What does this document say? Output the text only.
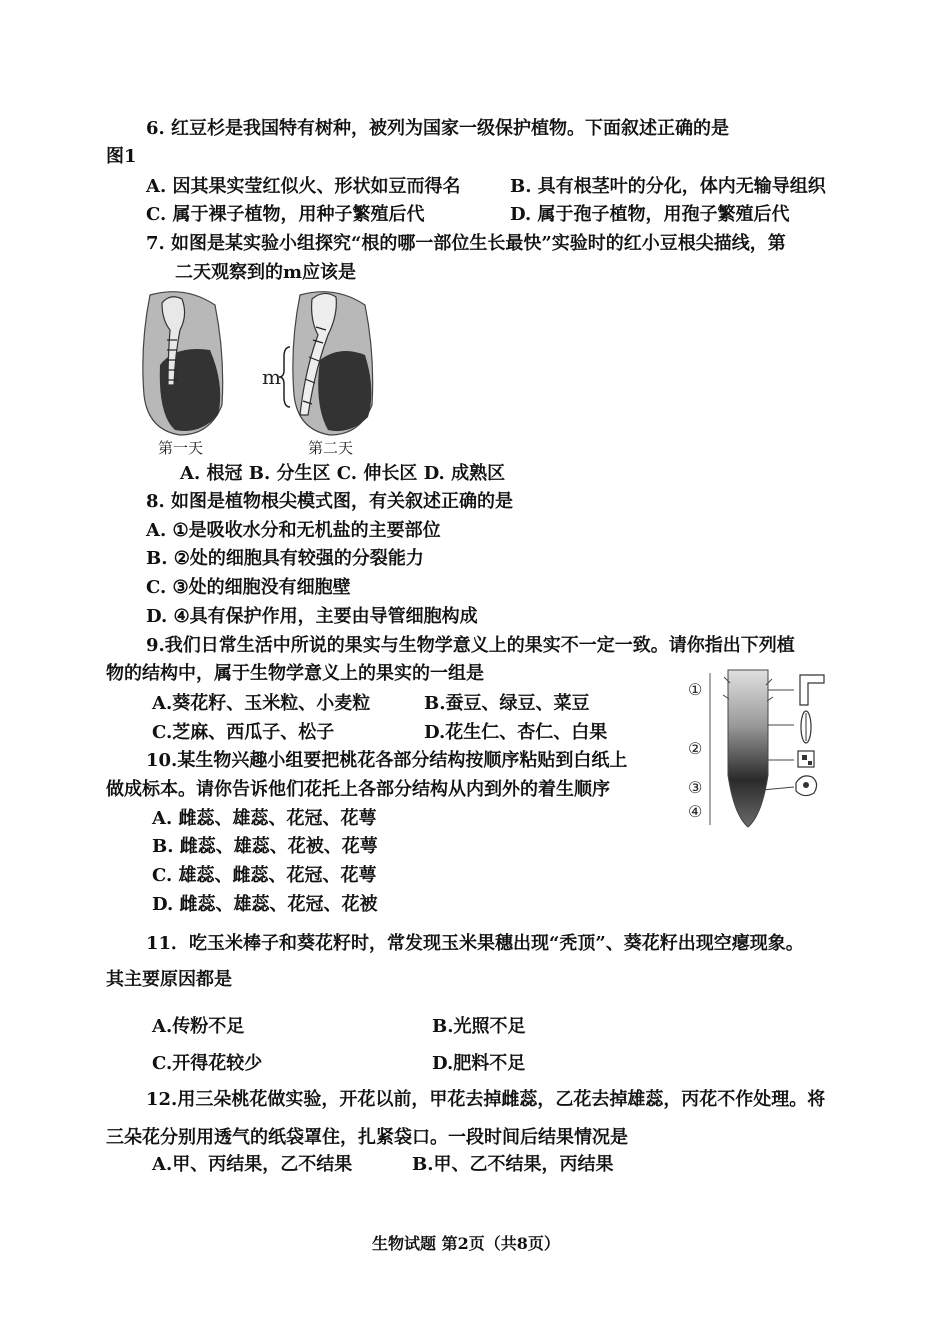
6. 红豆杉是我国特有树种，被列为国家一级保护植物。下面叙述正确的是
图1
A. 因其果实莹红似火、形状如豆而得名	B. 具有根茎叶的分化，体内无输导组织
C. 属于裸子植物，用种子繁殖后代	D. 属于孢子植物，用孢子繁殖后代
7. 如图是某实验小组探究“根的哪一部位生长最快”实验时的红小豆根尖描线，第
二天观察到的m应该是
m
第一天	第二天
A. 根冠 B. 分生区 C. 伸长区 D. 成熟区
8. 如图是植物根尖模式图，有关叙述正确的是
A. ①是吸收水分和无机盐的主要部位
B. ②处的细胞具有较强的分裂能力
C. ③处的细胞没有细胞壁
D. ④具有保护作用，主要由导管细胞构成
9.我们日常生活中所说的果实与生物学意义上的果实不一定一致。请你指出下列植
物的结构中，属于生物学意义上的果实的一组是
A.葵花籽、玉米粒、小麦粒	B.蚕豆、绿豆、菜豆
C.芝麻、西瓜子、松子	D.花生仁、杏仁、白果
①
②
③
④
10.某生物兴趣小组要把桃花各部分结构按顺序粘贴到白纸上
做成标本。请你告诉他们花托上各部分结构从内到外的着生顺序
A. 雌蕊、雄蕊、花冠、花萼
B. 雌蕊、雄蕊、花被、花萼
C. 雄蕊、雌蕊、花冠、花萼
D. 雌蕊、雄蕊、花冠、花被
11．吃玉米棒子和葵花籽时，常发现玉米果穗出现“秃顶”、葵花籽出现空瘪现象。
其主要原因都是
A.传粉不足	B.光照不足
C.开得花较少	D.肥料不足
12.用三朵桃花做实验，开花以前，甲花去掉雌蕊，乙花去掉雄蕊，丙花不作处理。将
三朵花分别用透气的纸袋罩住，扎紧袋口。一段时间后结果情况是
A.甲、丙结果，乙不结果	B.甲、乙不结果，丙结果
生物试题 第2页（共8页）
